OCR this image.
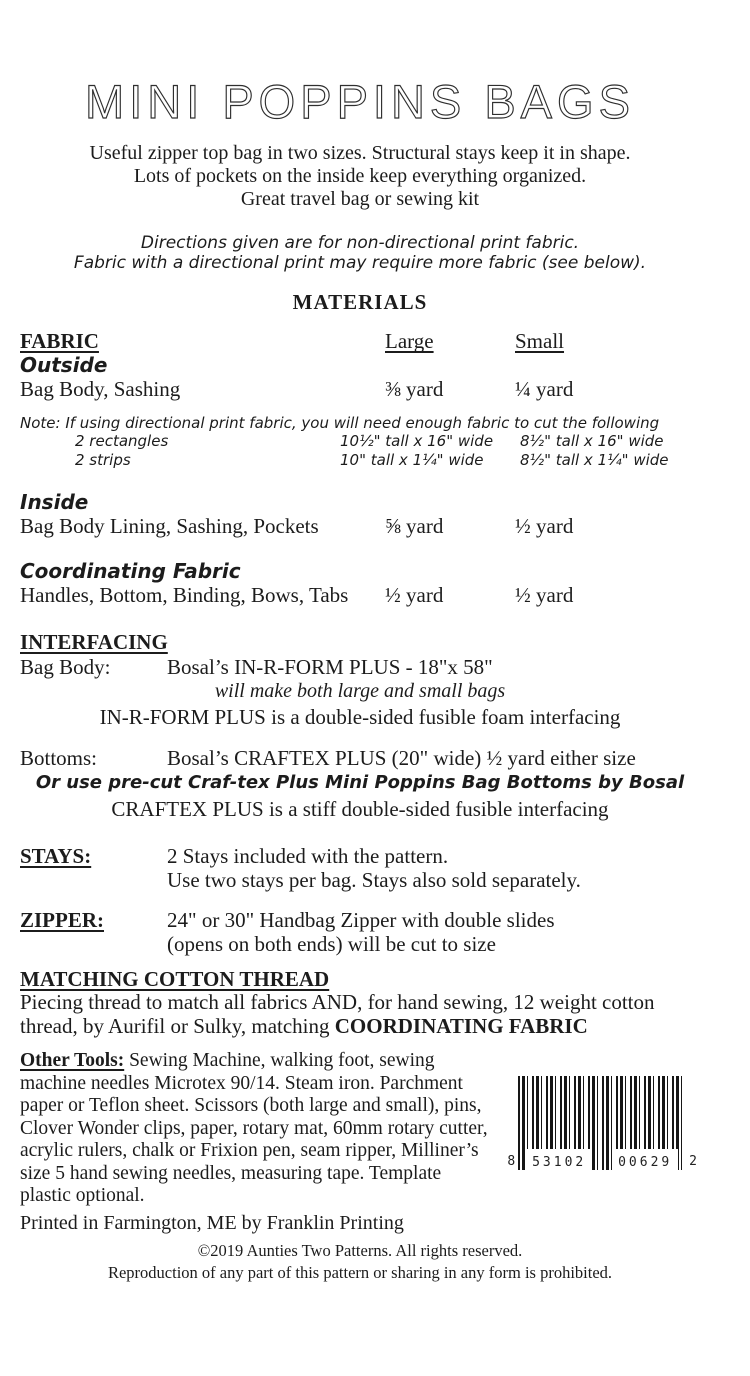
MINI POPPINS BAGS
Useful zipper top bag in two sizes. Structural stays keep it in shape.
Lots of pockets on the inside keep everything organized.
Great travel bag or sewing kit
Directions given are for non-directional print fabric.
Fabric with a directional print may require more fabric (see below).
MATERIALS
FABRIC	Large	Small
Outside
Bag Body, Sashing	⅜ yard	¼ yard
Note: If using directional print fabric, you will need enough fabric to cut the following
2 rectangles	10½" tall x 16" wide	8½" tall x 16" wide
2 strips	10" tall x 1¼" wide	8½" tall x 1¼" wide
Inside
Bag Body Lining, Sashing, Pockets	⅝ yard	½ yard
Coordinating Fabric
Handles, Bottom, Binding, Bows, Tabs	½ yard	½ yard
INTERFACING
Bag Body:	Bosal’s IN-R-FORM PLUS - 18"x 58"
will make both large and small bags
IN-R-FORM PLUS is a double-sided fusible foam interfacing
Bottoms:	Bosal’s CRAFTEX PLUS (20" wide) ½ yard either size
Or use pre-cut Craf-tex Plus Mini Poppins Bag Bottoms by Bosal
CRAFTEX PLUS is a stiff double-sided fusible interfacing
STAYS:	2 Stays included with the pattern.
Use two stays per bag. Stays also sold separately.
ZIPPER:	24" or 30" Handbag Zipper with double slides
(opens on both ends) will be cut to size
MATCHING COTTON THREAD
Piecing thread to match all fabrics AND, for hand sewing, 12 weight cotton thread, by Aurifil or Sulky, matching COORDINATING FABRIC
8	53102	00629	2
Other Tools: Sewing Machine, walking foot, sewing machine needles Microtex 90/14. Steam iron. Parchment paper or Teflon sheet. Scissors (both large and small), pins, Clover Wonder clips, paper, rotary mat, 60mm rotary cutter, acrylic rulers, chalk or Frixion pen, seam ripper, Milliner’s size 5 hand sewing needles, measuring tape. Template plastic optional.
Printed in Farmington, ME by Franklin Printing
©2019 Aunties Two Patterns. All rights reserved.
Reproduction of any part of this pattern or sharing in any form is prohibited.
